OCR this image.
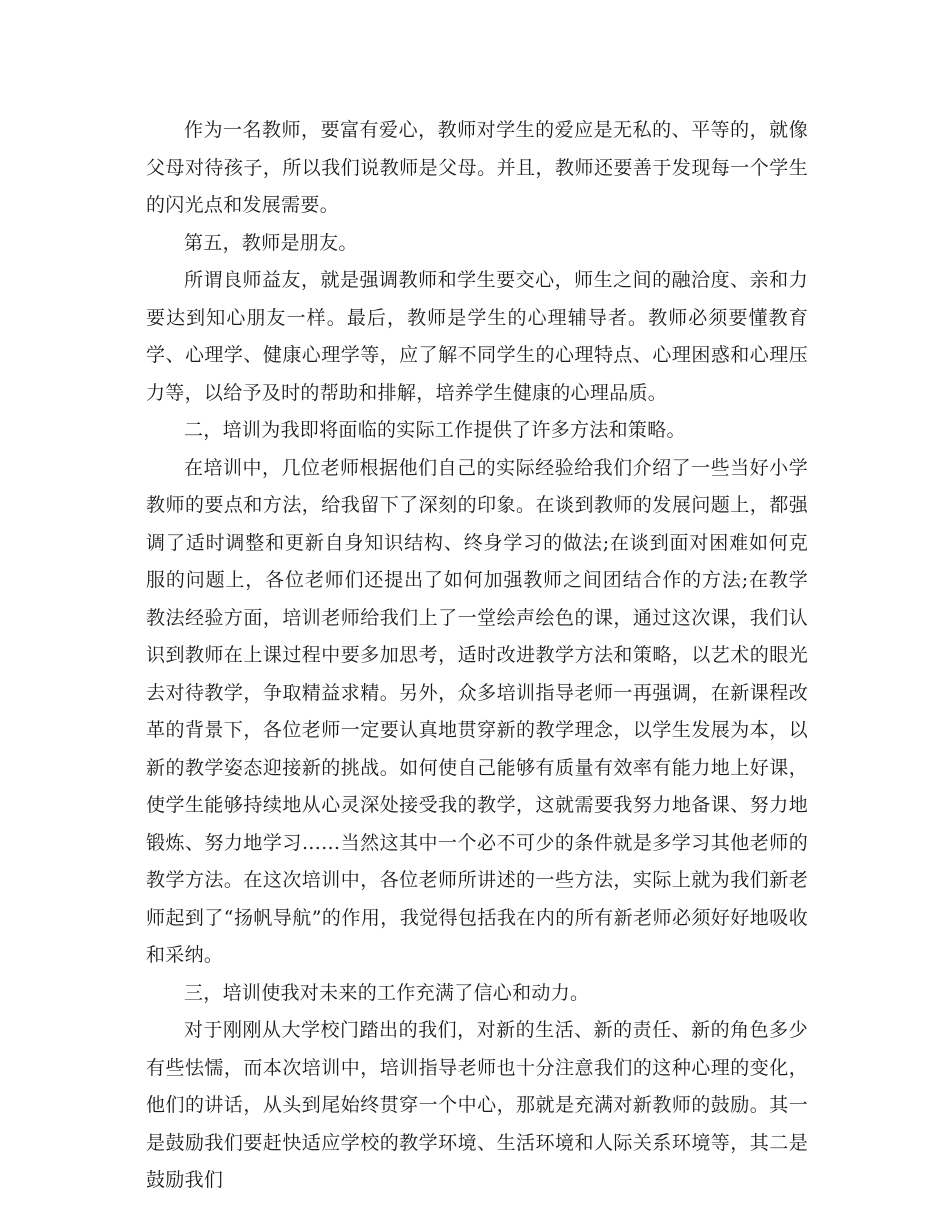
作为一名教师，要富有爱心，教师对学生的爱应是无私的、平等的，就像父母对待孩子，所以我们说教师是父母。并且，教师还要善于发现每一个学生的闪光点和发展需要。

第五，教师是朋友。

所谓良师益友，就是强调教师和学生要交心，师生之间的融洽度、亲和力要达到知心朋友一样。最后，教师是学生的心理辅导者。教师必须要懂教育学、心理学、健康心理学等，应了解不同学生的心理特点、心理困惑和心理压力等，以给予及时的帮助和排解，培养学生健康的心理品质。

二，培训为我即将面临的实际工作提供了许多方法和策略。

在培训中，几位老师根据他们自己的实际经验给我们介绍了一些当好小学教师的要点和方法，给我留下了深刻的印象。在谈到教师的发展问题上，都强调了适时调整和更新自身知识结构、终身学习的做法;在谈到面对困难如何克服的问题上，各位老师们还提出了如何加强教师之间团结合作的方法;在教学教法经验方面，培训老师给我们上了一堂绘声绘色的课，通过这次课，我们认识到教师在上课过程中要多加思考，适时改进教学方法和策略，以艺术的眼光去对待教学，争取精益求精。另外，众多培训指导老师一再强调，在新课程改革的背景下，各位老师一定要认真地贯穿新的教学理念，以学生发展为本，以新的教学姿态迎接新的挑战。如何使自己能够有质量有效率有能力地上好课，使学生能够持续地从心灵深处接受我的教学，这就需要我努力地备课、努力地锻炼、努力地学习……当然这其中一个必不可少的条件就是多学习其他老师的教学方法。在这次培训中，各位老师所讲述的一些方法，实际上就为我们新老师起到了“扬帆导航”的作用，我觉得包括我在内的所有新老师必须好好地吸收和采纳。

三，培训使我对未来的工作充满了信心和动力。

对于刚刚从大学校门踏出的我们，对新的生活、新的责任、新的角色多少有些怯懦，而本次培训中，培训指导老师也十分注意我们的这种心理的变化，他们的讲话，从头到尾始终贯穿一个中心，那就是充满对新教师的鼓励。其一是鼓励我们要赶快适应学校的教学环境、生活环境和人际关系环境等，其二是鼓励我们
